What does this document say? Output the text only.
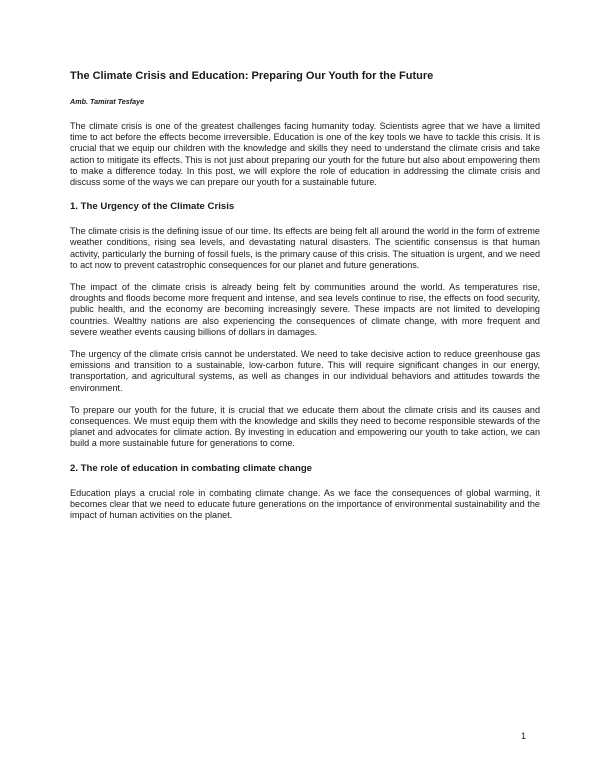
The Climate Crisis and Education: Preparing Our Youth for the Future

Amb. Tamirat Tesfaye

The climate crisis is one of the greatest challenges facing humanity today. Scientists agree that we have a limited time to act before the effects become irreversible. Education is one of the key tools we have to tackle this crisis. It is crucial that we equip our children with the knowledge and skills they need to understand the climate crisis and take action to mitigate its effects. This is not just about preparing our youth for the future but also about empowering them to make a difference today. In this post, we will explore the role of education in addressing the climate crisis and discuss some of the ways we can prepare our youth for a sustainable future.

1. The Urgency of the Climate Crisis

The climate crisis is the defining issue of our time. Its effects are being felt all around the world in the form of extreme weather conditions, rising sea levels, and devastating natural disasters. The scientific consensus is that human activity, particularly the burning of fossil fuels, is the primary cause of this crisis. The situation is urgent, and we need to act now to prevent catastrophic consequences for our planet and future generations.

The impact of the climate crisis is already being felt by communities around the world. As temperatures rise, droughts and floods become more frequent and intense, and sea levels continue to rise, the effects on food security, public health, and the economy are becoming increasingly severe. These impacts are not limited to developing countries. Wealthy nations are also experiencing the consequences of climate change, with more frequent and severe weather events causing billions of dollars in damages.

The urgency of the climate crisis cannot be understated. We need to take decisive action to reduce greenhouse gas emissions and transition to a sustainable, low-carbon future. This will require significant changes in our energy, transportation, and agricultural systems, as well as changes in our individual behaviors and attitudes towards the environment.

To prepare our youth for the future, it is crucial that we educate them about the climate crisis and its causes and consequences. We must equip them with the knowledge and skills they need to become responsible stewards of the planet and advocates for climate action. By investing in education and empowering our youth to take action, we can build a more sustainable future for generations to come.

2. The role of education in combating climate change

Education plays a crucial role in combating climate change. As we face the consequences of global warming, it becomes clear that we need to educate future generations on the importance of environmental sustainability and the impact of human activities on the planet.

1
